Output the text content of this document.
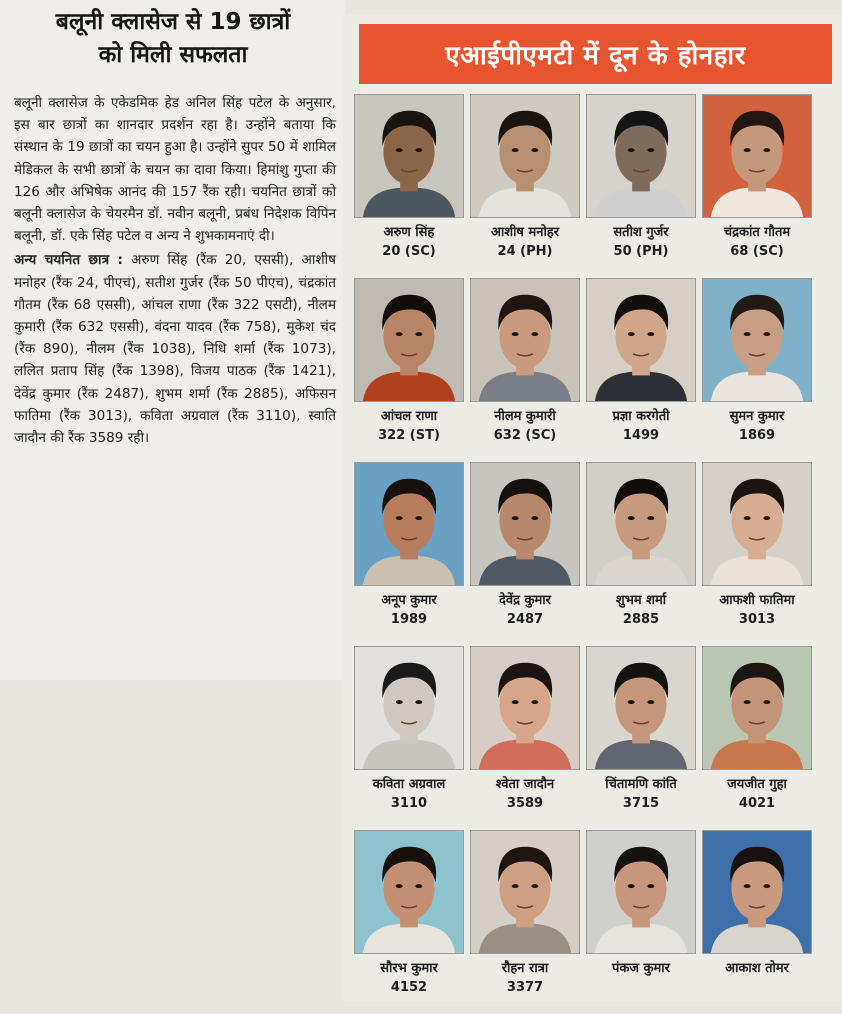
बलूनी क्लासेज से 19 छात्रों
को मिली सफलता

बलूनी क्लासेज के एकेडमिक हेड अनिल सिंह पटेल के अनुसार, इस बार छात्रों का शानदार प्रदर्शन रहा है। उन्होंने बताया कि संस्थान के 19 छात्रों का चयन हुआ है। उन्होंने सुपर 50 में शामिल मेडिकल के सभी छात्रों के चयन का दावा किया। हिमांशु गुप्ता की 126 और अभिषेक आनंद की 157 रैंक रही। चयनित छात्रों को बलूनी क्लासेज के चेयरमैन डॉ. नवीन बलूनी, प्रबंध निदेशक विपिन बलूनी, डॉ. एके सिंह पटेल व अन्य ने शुभकामनाएं दी।

अन्य चयनित छात्र : अरुण सिंह (रैंक 20, एससी), आशीष मनोहर (रैंक 24, पीएच), सतीश गुर्जर (रैंक 50 पीएच), चंद्रकांत गौतम (रैंक 68 एससी), आंचल राणा (रैंक 322 एसटी), नीलम कुमारी (रैंक 632 एससी), वंदना यादव (रैंक 758), मुकेश चंद (रैंक 890), नीलम (रैंक 1038), निधि शर्मा (रैंक 1073), ललित प्रताप सिंह (रैंक 1398), विजय पाठक (रैंक 1421), देवेंद्र कुमार (रैंक 2487), शुभम शर्मा (रैंक 2885), अफिसन फातिमा (रैंक 3013), कविता अग्रवाल (रैंक 3110), स्वाति जादौन की रैंक 3589 रही।

एआईपीएमटी में दून के होनहार
अरुण सिंह
20 (SC)
आशीष मनोहर
24 (PH)
सतीश गुर्जर
50 (PH)
चंद्रकांत गौतम
68 (SC)
आंचल राणा
322 (ST)
नीलम कुमारी
632 (SC)
प्रज्ञा करगेती
1499
सुमन कुमार
1869
अनूप कुमार
1989
देवेंद्र कुमार
2487
शुभम शर्मा
2885
आफशी फातिमा
3013
कविता अग्रवाल
3110
श्वेता जादौन
3589
चिंतामणि कांति
3715
जयजीत गुहा
4021
सौरभ कुमार
4152
रौहन रात्रा
3377
पंकज कुमार	आकाश तोमर
